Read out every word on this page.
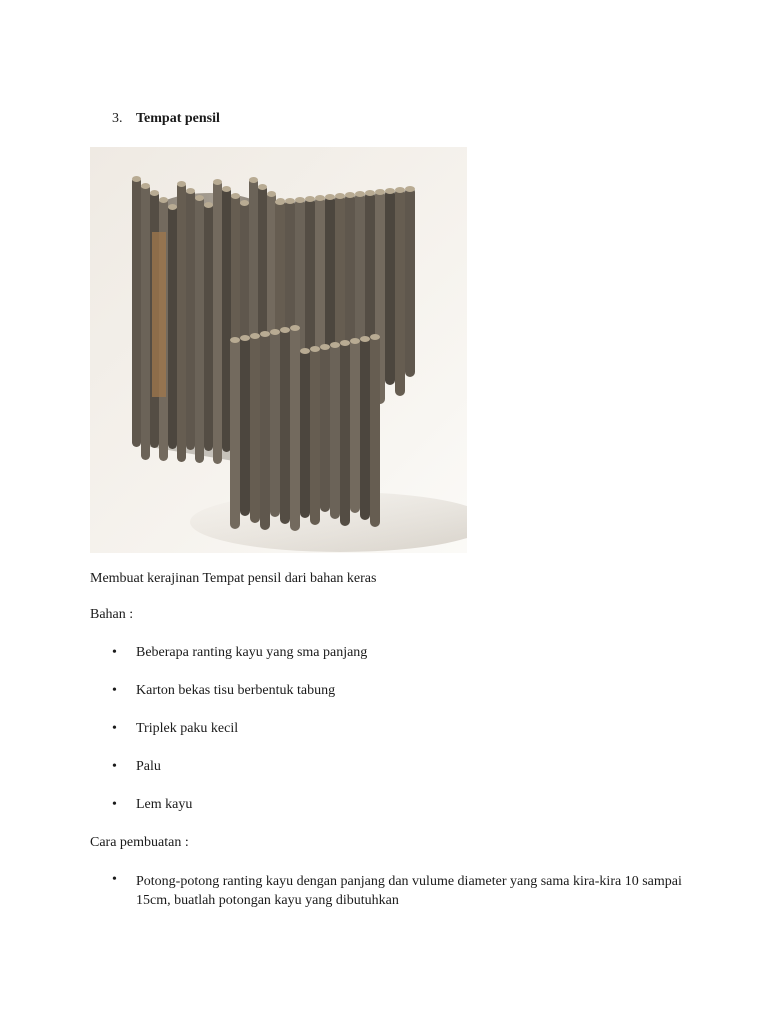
3. Tempat pensil
Membuat kerajinan Tempat pensil dari bahan keras
Bahan :
•	Beberapa ranting kayu yang sma panjang
•	Karton bekas tisu berbentuk tabung
•	Triplek paku kecil
•	Palu
•	Lem kayu
Cara pembuatan :
•	Potong-potong ranting kayu dengan panjang dan vulume diameter yang sama kira-kira 10 sampai 15cm, buatlah potongan kayu yang dibutuhkan
